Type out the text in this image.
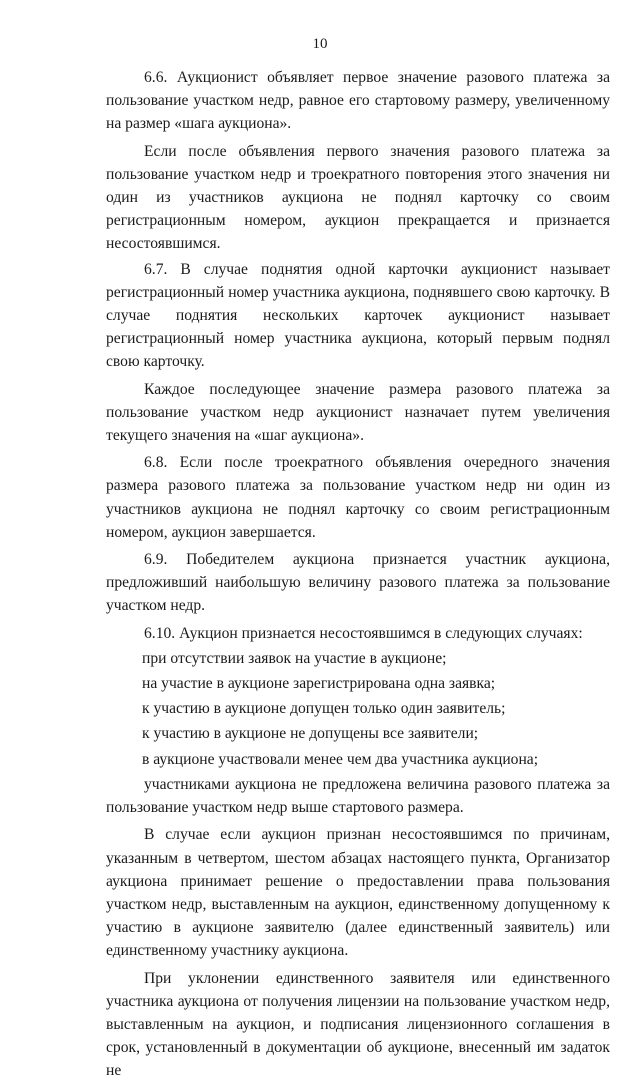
10

6.6. Аукционист объявляет первое значение разового платежа за пользование участком недр, равное его стартовому размеру, увеличенному на размер «шага аукциона».

Если после объявления первого значения разового платежа за пользование участком недр и троекратного повторения этого значения ни один из участников аукциона не поднял карточку со своим регистрационным номером, аукцион прекращается и признается несостоявшимся.

6.7. В случае поднятия одной карточки аукционист называет регистрационный номер участника аукциона, поднявшего свою карточку. В случае поднятия нескольких карточек аукционист называет регистрационный номер участника аукциона, который первым поднял свою карточку.

Каждое последующее значение размера разового платежа за пользование участком недр аукционист назначает путем увеличения текущего значения на «шаг аукциона».

6.8. Если после троекратного объявления очередного значения размера разового платежа за пользование участком недр ни один из участников аукциона не поднял карточку со своим регистрационным номером, аукцион завершается.

6.9. Победителем аукциона признается участник аукциона, предложивший наибольшую величину разового платежа за пользование участком недр.

6.10. Аукцион признается несостоявшимся в следующих случаях:

при отсутствии заявок на участие в аукционе;

на участие в аукционе зарегистрирована одна заявка;

к участию в аукционе допущен только один заявитель;

к участию в аукционе не допущены все заявители;

в аукционе участвовали менее чем два участника аукциона;

участниками аукциона не предложена величина разового платежа за пользование участком недр выше стартового размера.

В случае если аукцион признан несостоявшимся по причинам, указанным в четвертом, шестом абзацах настоящего пункта, Организатор аукциона принимает решение о предоставлении права пользования участком недр, выставленным на аукцион, единственному допущенному к участию в аукционе заявителю (далее единственный заявитель) или единственному участнику аукциона.

При уклонении единственного заявителя или единственного участника аукциона от получения лицензии на пользование участком недр, выставленным на аукцион, и подписания лицензионного соглашения в срок, установленный в документации об аукционе, внесенный им задаток не
